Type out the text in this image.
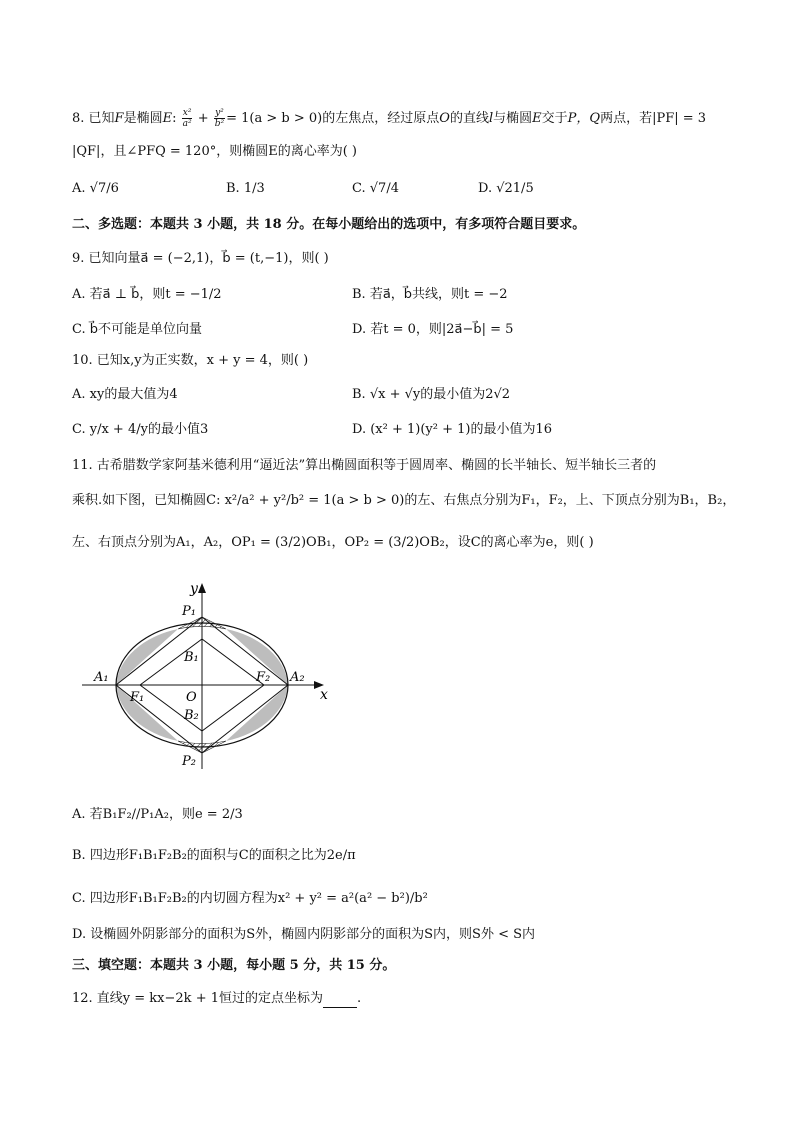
8. 已知F是椭圆E: $\frac{\text{x²}}{\text{a²}} + \frac{\text{y²}}{\text{b²}} = 1(a > b > 0)$的左焦点，经过原点O的直线l与椭圆E交于P，Q两点，若|PF| = 3
|QF|，且∠PFQ = 120°，则椭圆E的离心率为( )
A. √7/6	B. 1/3	C. √7/4	D. √21/5
二、多选题：本题共 3 小题，共 18 分。在每小题给出的选项中，有多项符合题目要求。
9. 已知向量a⃗ = (−2,1)，b⃗ = (t,−1)，则( )
A. 若a⃗ ⊥ b⃗，则t = −1/2	B. 若a⃗，b⃗共线，则t = −2
C. b⃗不可能是单位向量	D. 若t = 0，则|2a⃗−b⃗| = 5
10. 已知x,y为正实数，x + y = 4，则( )
A. xy的最大值为4	B. √x + √y的最小值为2√2
C. y/x + 4/y的最小值3	D. (x² + 1)(y² + 1)的最小值为16
11. 古希腊数学家阿基米德利用“逼近法”算出椭圆面积等于圆周率、椭圆的长半轴长、短半轴长三者的
乘积.如下图，已知椭圆C: x²/a² + y²/b² = 1(a > b > 0)的左、右焦点分别为F₁，F₂，上、下顶点分别为B₁，B₂，
左、右顶点分别为A₁，A₂，OP₁ = (3/2)OB₁，OP₂ = (3/2)OB₂，设C的离心率为e，则( )
y
x
P₁
P₂
B₁
B₂
A₁	A₂
F₁
F₂
O
A. 若B₁F₂//P₁A₂，则e = 2/3
B. 四边形F₁B₁F₂B₂的面积与C的面积之比为2e/π
C. 四边形F₁B₁F₂B₂的内切圆方程为x² + y² = a²(a² − b²)/b²
D. 设椭圆外阴影部分的面积为S外，椭圆内阴影部分的面积为S内，则S外 < S内
三、填空题：本题共 3 小题，每小题 5 分，共 15 分。
12. 直线y = kx−2k + 1恒过的定点坐标为	.
